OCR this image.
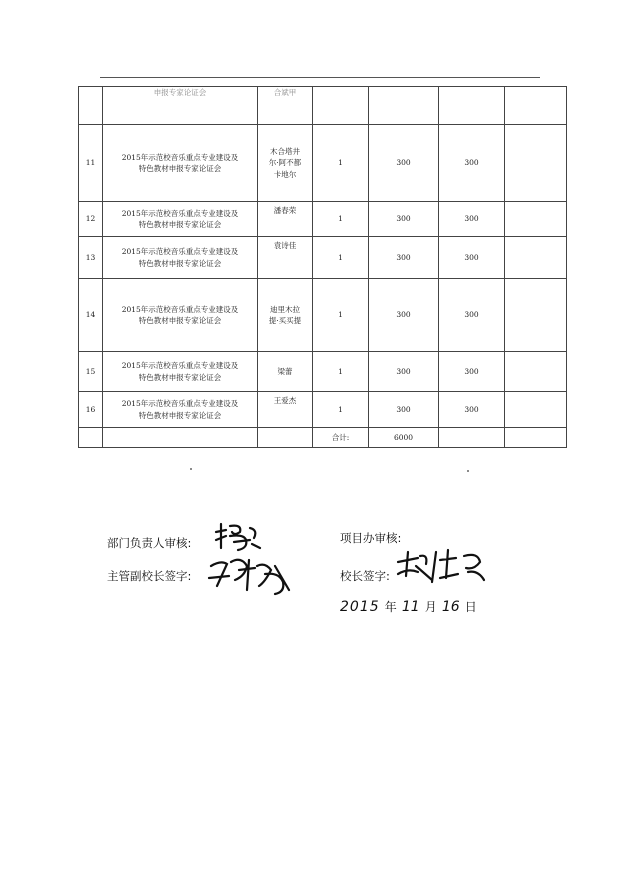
	申报专家论证会	合斌甲				
11	2015年示范校音乐重点专业建设及
特色教材申报专家论证会	木合塔井
尔·阿不都
卡地尔	1	300	300	
12	2015年示范校音乐重点专业建设及
特色教材申报专家论证会	潘春荣	1	300	300	
13	2015年示范校音乐重点专业建设及
特色教材申报专家论证会	袁诗佳	1	300	300	
14	2015年示范校音乐重点专业建设及
特色教材申报专家论证会	迪里木拉
提·买买提	1	300	300	
15	2015年示范校音乐重点专业建设及
特色教材申报专家论证会	梁蕾	1	300	300	
16	2015年示范校音乐重点专业建设及
特色教材申报专家论证会	王爱杰	1	300	300	
			合计:	6000		
部门负责人审核:	项目办审核:
主管副校长签字:	校长签字:
2015 年 11 月 16 日
